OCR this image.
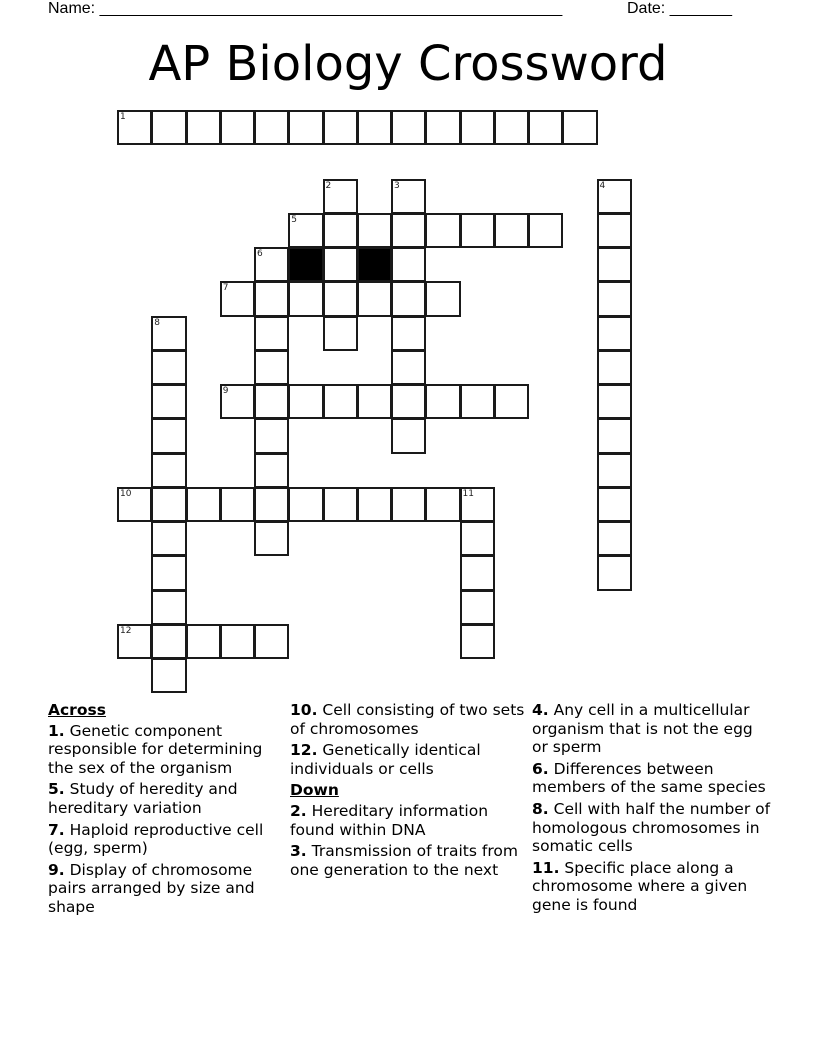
Name: ____________________________________________________	Date: _______
AP Biology Crossword
1
2	3	4
5
6
7
8
9
10	11
12
Across
1. Genetic component responsible for determining the sex of the organism
5. Study of heredity and hereditary variation
7. Haploid reproductive cell (egg, sperm)
9. Display of chromosome pairs arranged by size and shape
10. Cell consisting of two sets of chromosomes
12. Genetically identical individuals or cells
Down
2. Hereditary information found within DNA
3. Transmission of traits from one generation to the next
4. Any cell in a multicellular organism that is not the egg or sperm
6. Differences between members of the same species
8. Cell with half the number of homologous chromosomes in somatic cells
11. Specific place along a chromosome where a given gene is found
